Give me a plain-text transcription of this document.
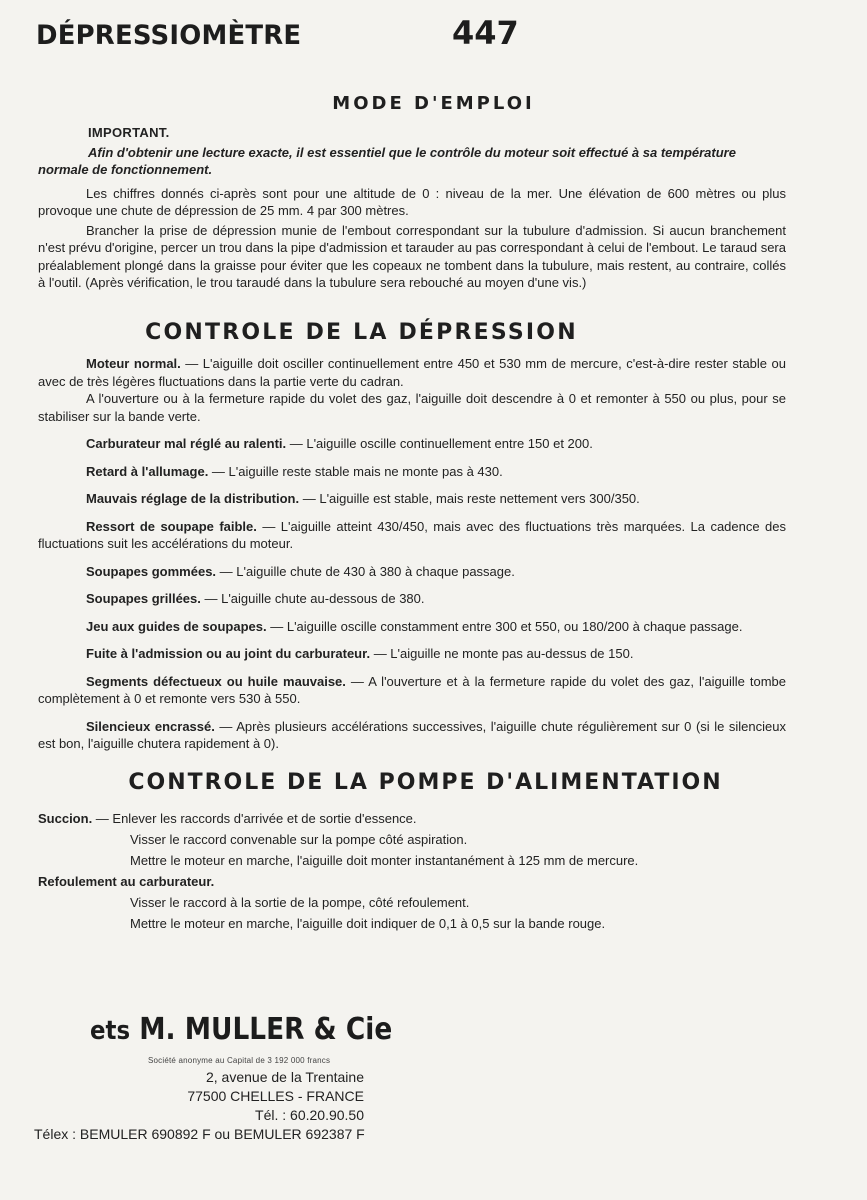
DÉPRESSIOMÈTRE	447
MODE D'EMPLOI
IMPORTANT.

Afin d'obtenir une lecture exacte, il est essentiel que le contrôle du moteur soit effectué à sa température normale de fonctionnement.

Les chiffres donnés ci-après sont pour une altitude de 0 : niveau de la mer. Une élévation de 600 mètres ou plus provoque une chute de dépression de 25 mm. 4 par 300 mètres.

Brancher la prise de dépression munie de l'embout correspondant sur la tubulure d'admission. Si aucun branchement n'est prévu d'origine, percer un trou dans la pipe d'admission et tarauder au pas correspondant à celui de l'embout. Le taraud sera préalablement plongé dans la graisse pour éviter que les copeaux ne tombent dans la tubulure, mais restent, au contraire, collés à l'outil. (Après vérification, le trou taraudé dans la tubulure sera rebouché au moyen d'une vis.)

CONTROLE DE LA DÉPRESSION

Moteur normal. — L'aiguille doit osciller continuellement entre 450 et 530 mm de mercure, c'est-à-dire rester stable ou avec de très légères fluctuations dans la partie verte du cadran.

A l'ouverture ou à la fermeture rapide du volet des gaz, l'aiguille doit descendre à 0 et remonter à 550 ou plus, pour se stabiliser sur la bande verte.

Carburateur mal réglé au ralenti. — L'aiguille oscille continuellement entre 150 et 200.

Retard à l'allumage. — L'aiguille reste stable mais ne monte pas à 430.

Mauvais réglage de la distribution. — L'aiguille est stable, mais reste nettement vers 300/350.

Ressort de soupape faible. — L'aiguille atteint 430/450, mais avec des fluctuations très marquées. La cadence des fluctuations suit les accélérations du moteur.

Soupapes gommées. — L'aiguille chute de 430 à 380 à chaque passage.

Soupapes grillées. — L'aiguille chute au-dessous de 380.

Jeu aux guides de soupapes. — L'aiguille oscille constamment entre 300 et 550, ou 180/200 à chaque passage.

Fuite à l'admission ou au joint du carburateur. — L'aiguille ne monte pas au-dessus de 150.

Segments défectueux ou huile mauvaise. — A l'ouverture et à la fermeture rapide du volet des gaz, l'aiguille tombe complètement à 0 et remonte vers 530 à 550.

Silencieux encrassé. — Après plusieurs accélérations successives, l'aiguille chute régulièrement sur 0 (si le silencieux est bon, l'aiguille chutera rapidement à 0).

CONTROLE DE LA POMPE D'ALIMENTATION
Succion. — Enlever les raccords d'arrivée et de sortie d'essence.
Visser le raccord convenable sur la pompe côté aspiration.
Mettre le moteur en marche, l'aiguille doit monter instantanément à 125 mm de mercure.
Refoulement au carburateur.
Visser le raccord à la sortie de la pompe, côté refoulement.
Mettre le moteur en marche, l'aiguille doit indiquer de 0,1 à 0,5 sur la bande rouge.
ets M. MULLER & Cie
Société anonyme au Capital de 3 192 000 francs
2, avenue de la Trentaine
77500 CHELLES - FRANCE
Tél. : 60.20.90.50
Télex : BEMULER 690892 F ou BEMULER 692387 F
